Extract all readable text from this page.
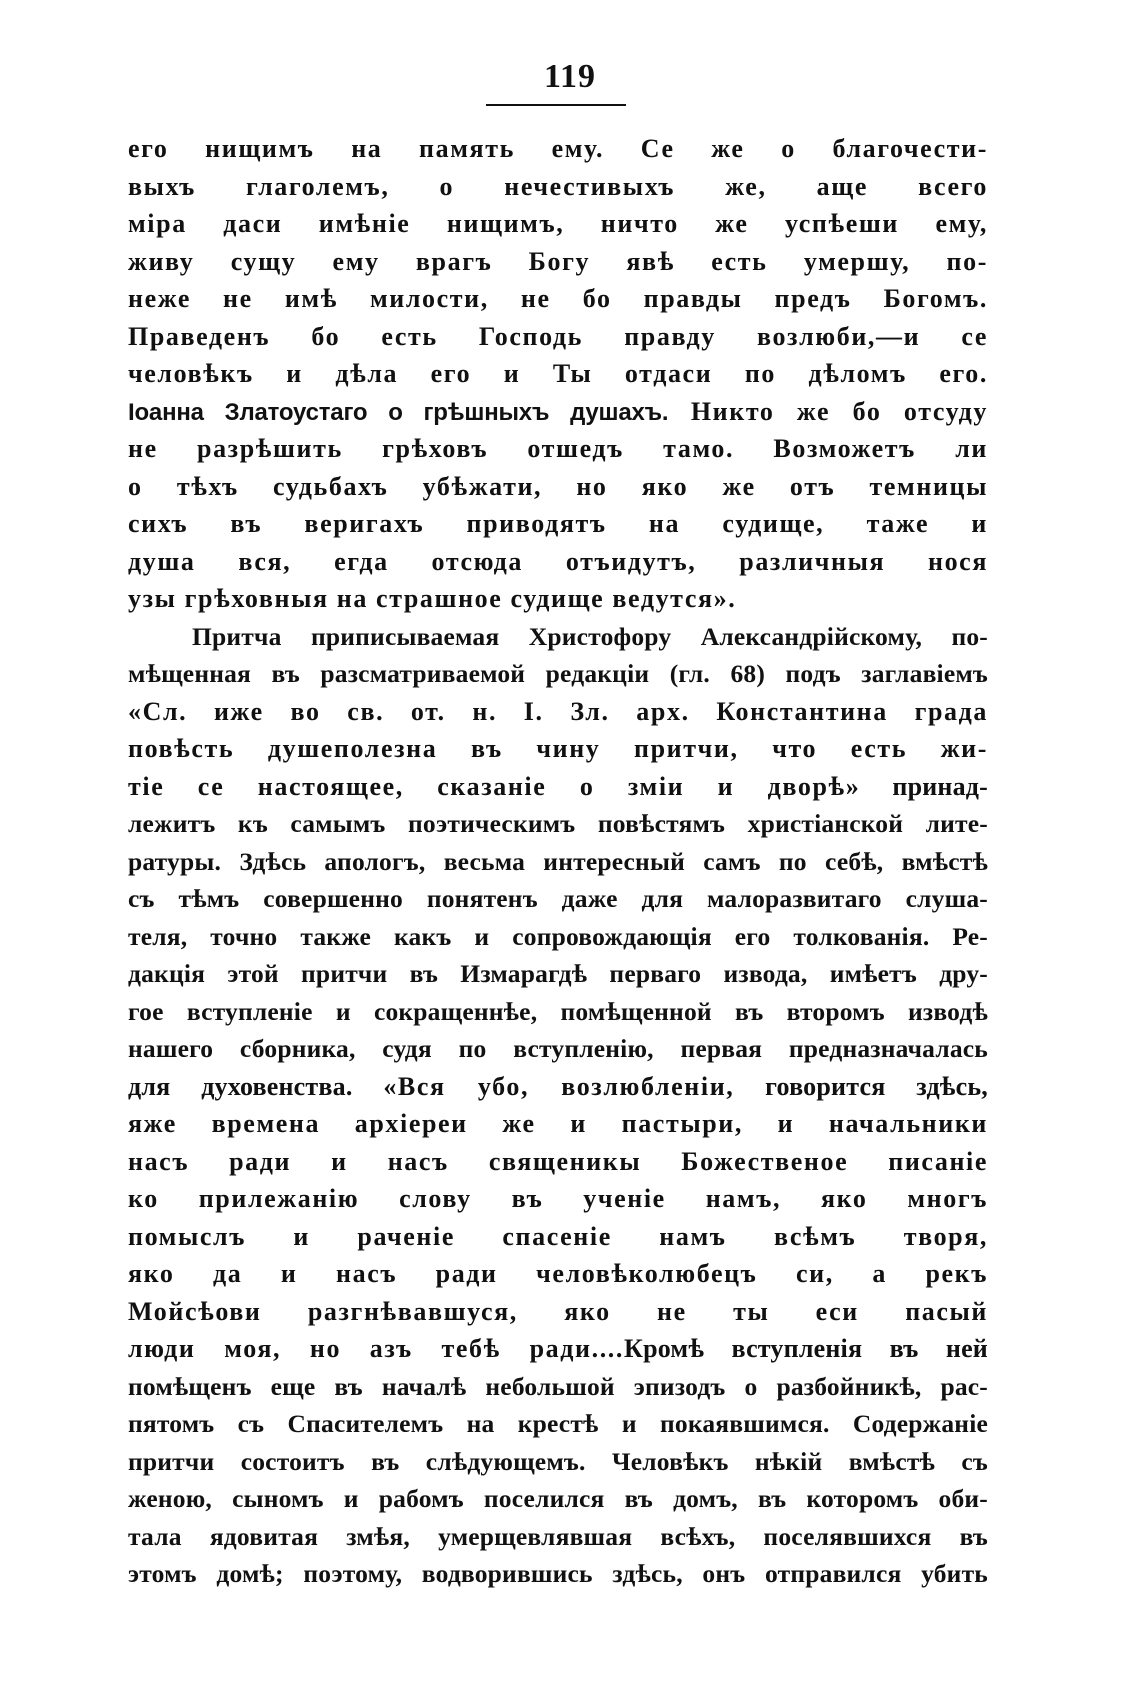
119
его нищимъ на память ему. Се же о благочести-
выхъ глаголемъ, о нечестивыхъ же, аще всего
міра даси имѣніе нищимъ, ничто же успѣеши ему,
живу сущу ему врагъ Богу явѣ есть умершу, по-
неже не имѣ милости, не бо правды предъ Богомъ.
Праведенъ бо есть Господь правду возлюби,—и се
человѣкъ и дѣла его и Ты отдаси по дѣломъ его.
Іоанна Златоустаго о грѣшныхъ душахъ. Никто же бо отсуду
не разрѣшить грѣховъ отшедъ тамо. Возможетъ ли
о тѣхъ судьбахъ убѣжати, но яко же отъ темницы
сихъ въ веригахъ приводятъ на судище, таже и
душа вся, егда отсюда отъидутъ, различныя нося
узы грѣховныя на страшное судище ведутся».
Притча приписываемая Христофору Александрійскому, по-
мѣщенная въ разсматриваемой редакціи (гл. 68) подъ заглавіемъ
«Сл. иже во св. от. н. І. Зл. арх. Константина града
повѣсть душеполезна въ чину притчи, что есть жи-
тіе се настоящее, сказаніе о зміи и дворѣ» принад-
лежитъ къ самымъ поэтическимъ повѣстямъ христіанской лите-
ратуры. Здѣсь апологъ, весьма интересный самъ по себѣ, вмѣстѣ
съ тѣмъ совершенно понятенъ даже для малоразвитаго слуша-
теля, точно также какъ и сопровождающія его толкованія. Ре-
дакція этой притчи въ Измарагдѣ перваго извода, имѣетъ дру-
гое вступленіе и сокращеннѣе, помѣщенной въ второмъ изводѣ
нашего сборника, судя по вступленію, первая предназначалась
для духовенства. «Вся убо, возлюбленіи, говорится здѣсь,
яже времена архіереи же и пастыри, и начальники
насъ ради и насъ священикы Божественое писаніе
ко прилежанію слову въ ученіе намъ, яко многъ
помыслъ и раченіе спасеніе намъ всѣмъ творя,
яко да и насъ ради человѣколюбецъ си, а рекъ
Мойсѣови разгнѣвавшуся, яко не ты еси пасый
люди моя, но азъ тебѣ ради....Кромѣ вступленія въ ней
помѣщенъ еще въ началѣ небольшой эпизодъ о разбойникѣ, рас-
пятомъ съ Спасителемъ на крестѣ и покаявшимся. Содержаніе
притчи состоитъ въ слѣдующемъ. Человѣкъ нѣкій вмѣстѣ съ
женою, сыномъ и рабомъ поселился въ домъ, въ которомъ оби-
тала ядовитая змѣя, умерщевлявшая всѣхъ, поселявшихся въ
этомъ домѣ; поэтому, водворившись здѣсь, онъ отправился убить
